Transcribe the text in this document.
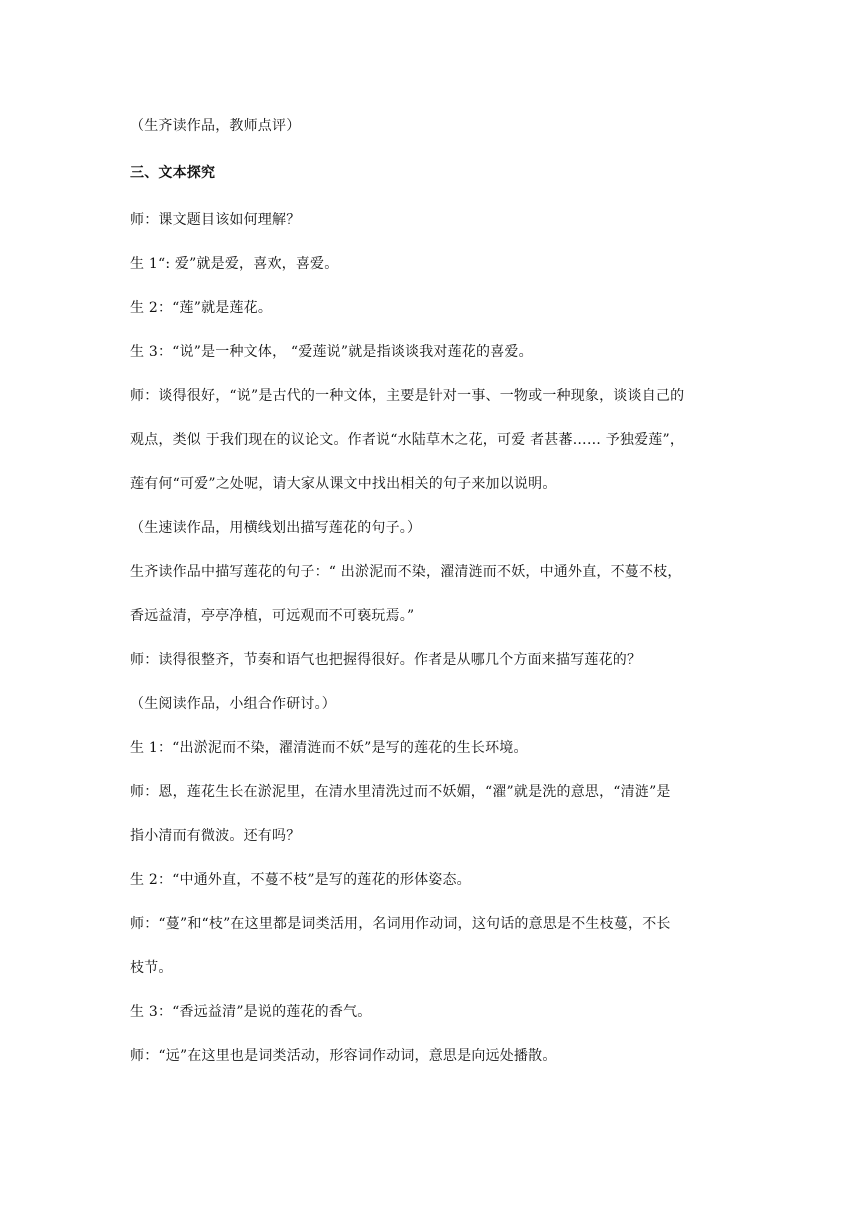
（生齐读作品，教师点评）
三、文本探究
师：课文题目该如何理解？
生 1“: 爱”就是爱，喜欢，喜爱。
生 2：“莲”就是莲花。
生 3：“说”是一种文体， “爱莲说”就是指谈谈我对莲花的喜爱。
师：谈得很好，“说”是古代的一种文体，主要是针对一事、一物或一种现象，谈谈自己的
观点，类似 于我们现在的议论文。作者说“水陆草木之花，可爱 者甚蕃…… 予独爱莲”，
莲有何“可爱”之处呢，请大家从课文中找出相关的句子来加以说明。
（生速读作品，用横线划出描写莲花的句子。）
生齐读作品中描写莲花的句子：“ 出淤泥而不染，濯清涟而不妖，中通外直，不蔓不枝，
香远益清，亭亭净植，可远观而不可亵玩焉。”
师：读得很整齐，节奏和语气也把握得很好。作者是从哪几个方面来描写莲花的？
（生阅读作品，小组合作研讨。）
生 1：“出淤泥而不染，濯清涟而不妖”是写的莲花的生长环境。
师：恩，莲花生长在淤泥里，在清水里清洗过而不妖媚，“濯”就是洗的意思，“清涟”是
指小清而有微波。还有吗？
生 2：“中通外直，不蔓不枝”是写的莲花的形体姿态。
师：“蔓”和“枝”在这里都是词类活用，名词用作动词，这句话的意思是不生枝蔓，不长
枝节。
生 3：“香远益清”是说的莲花的香气。
师：“远”在这里也是词类活动，形容词作动词，意思是向远处播散。
